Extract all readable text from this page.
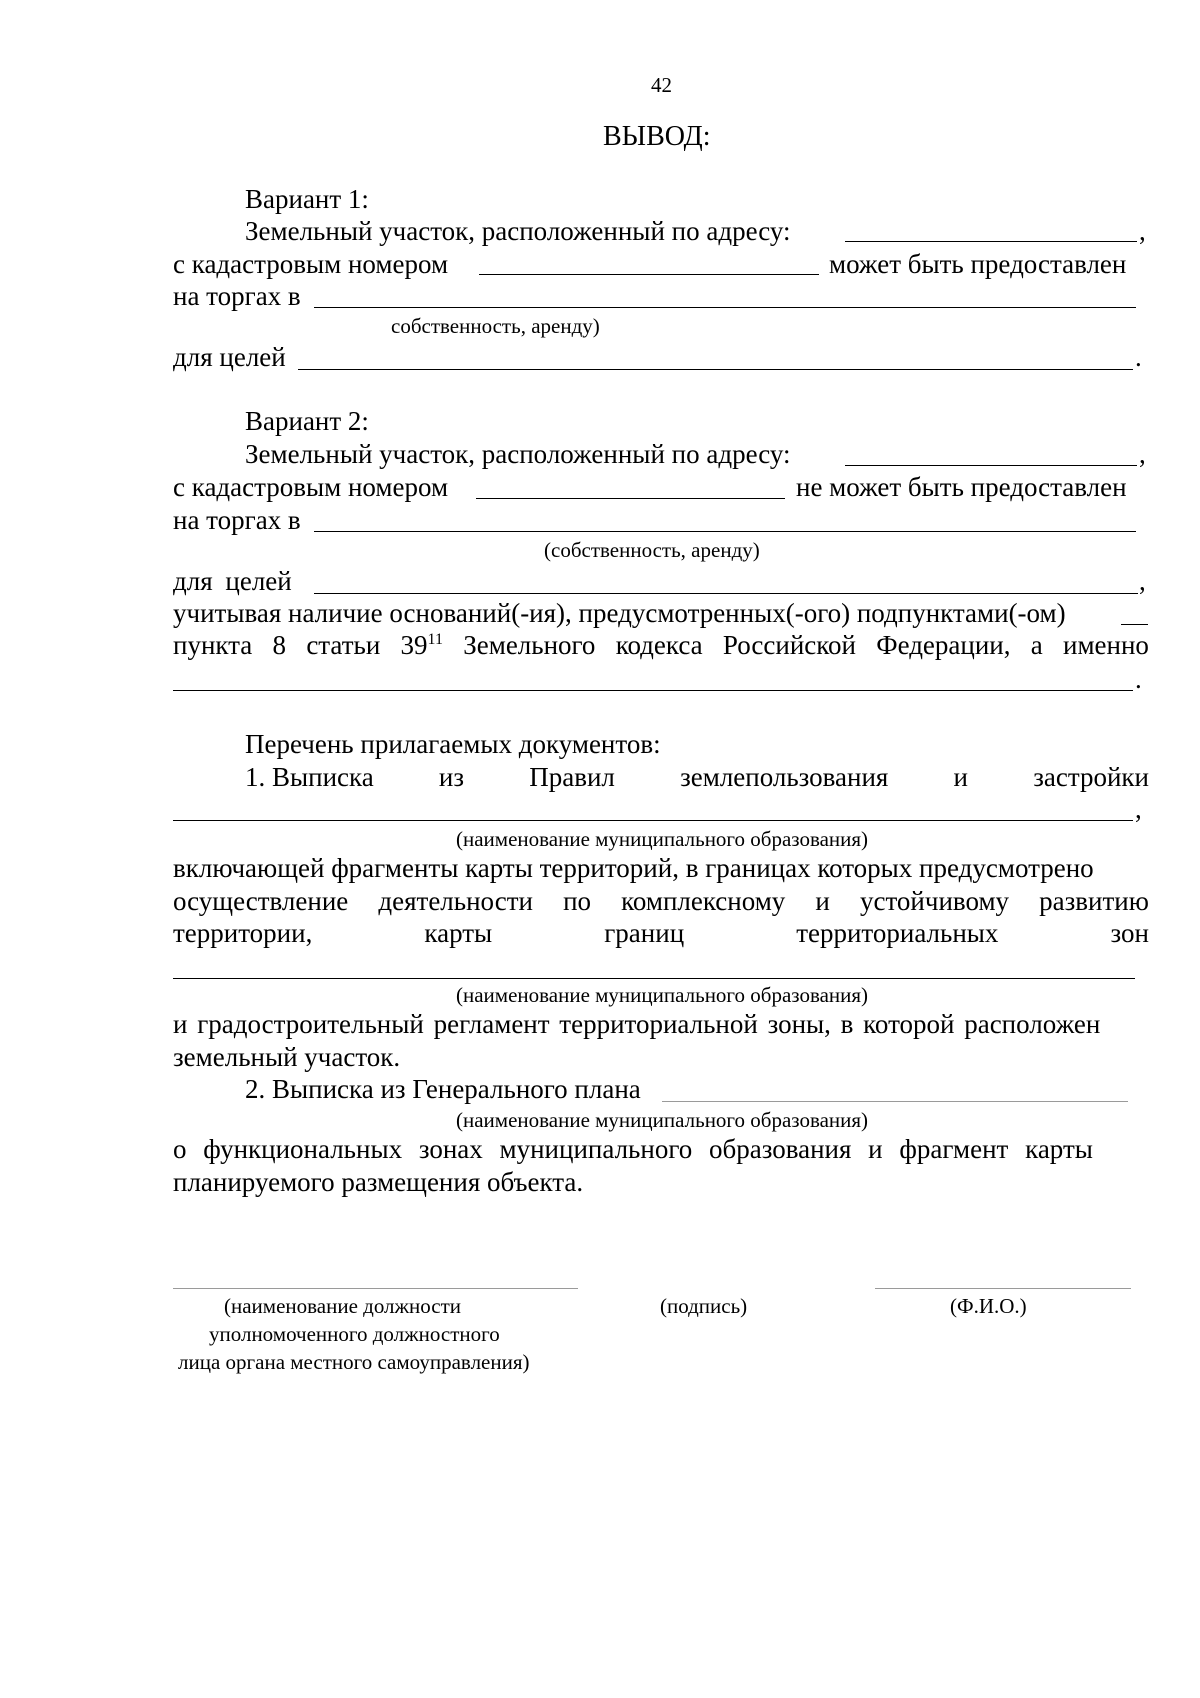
42
ВЫВОД:
Вариант 1:
Земельный участок, расположенный по адресу:	,
с кадастровым номером	может быть предоставлен
на торгах в
собственность, аренду)
для целей	.
Вариант 2:
Земельный участок, расположенный по адресу:	,
с кадастровым номером	не может быть предоставлен
на торгах в
(собственность, аренду)
для целей	,
учитывая наличие оснований(-ия), предусмотренных(-ого) подпунктами(-ом)
пункта 8 статьи $39^{11}$ Земельного кодекса Российской Федерации, а именно
.
Перечень прилагаемых документов:
1. Выписка из Правил землепользования и застройки
,
(наименование муниципального образования)
включающей фрагменты карты территорий, в границах которых предусмотрено
осуществление деятельности по комплексному и устойчивому развитию
территории,	карты	границ	территориальных	зон
(наименование муниципального образования)
и градостроительный регламент территориальной зоны, в которой расположен
земельный участок.
2. Выписка из Генерального плана
(наименование муниципального образования)
о функциональных зонах муниципального образования и фрагмент карты
планируемого размещения объекта.
(наименование должности
уполномоченного должностного
лица органа местного самоуправления)
(подпись)	(Ф.И.О.)
